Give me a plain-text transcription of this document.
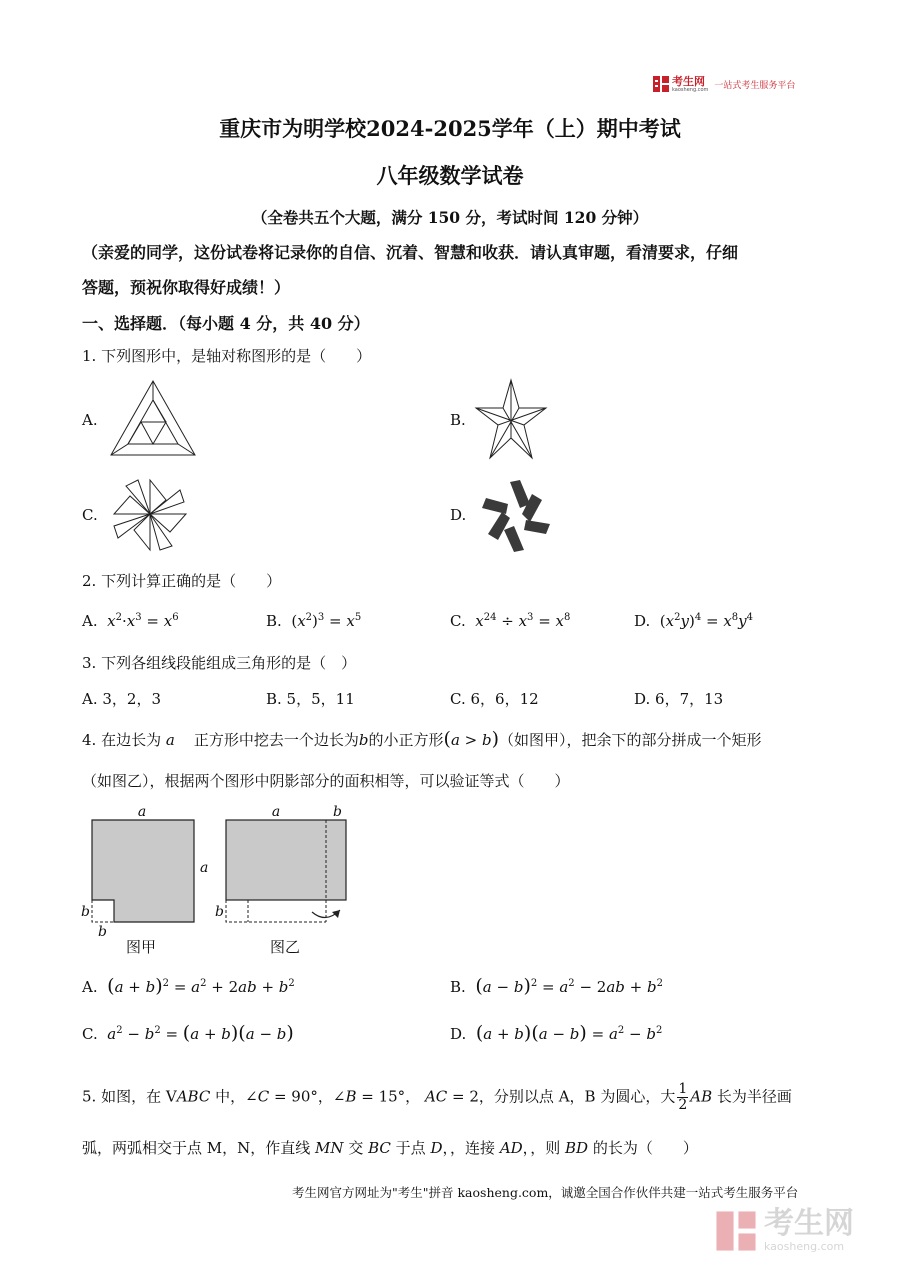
考生网
kaosheng.com 一站式考生服务平台
重庆市为明学校2024-2025学年（上）期中考试
八年级数学试卷
（全卷共五个大题，满分 150 分，考试时间 120 分钟）
（亲爱的同学，这份试卷将记录你的自信、沉着、智慧和收获．请认真审题，看清要求，仔细
答题，预祝你取得好成绩！）
一、选择题．（每小题 4 分，共 40 分）
1. 下列图形中，是轴对称图形的是（　　）
A.	B.
C.	D.
2. 下列计算正确的是（　　）
A. $x^2\cdot x^3 = x^6$	B.  $(x^2)^3 = x^5$	C. $x^{24} \div x^3 = x^8$	D.  $(x^2y)^4 = x^8y^4$
3. 下列各组线段能组成三角形的是（　）
A. 3，2，3	B. 5，5，11	C. 6，6，12	D. 6，7，13
4. 在边长为 a    正方形中挖去一个边长为b的小正方形(a > b)（如图甲），把余下的部分拼成一个矩形
（如图乙），根据两个图形中阴影部分的面积相等，可以验证等式（　　）
a
a
b
b
a	b
b
图甲	图乙
A. $(a + b)^2 = a^2 + 2ab + b^2$	B. $(a - b)^2 = a^2 - 2ab + b^2$
C. $a^2 - b^2 = (a + b)(a - b)$	D. $(a + b)(a - b) = a^2 - b^2$
5. 如图，在 VABC 中，∠C = 90°，∠B = 15°， AC = 2，分别以点 A，B 为圆心，大 $\frac{1}{2}$ AB 长为半径画
弧，两弧相交于点 M，N，作直线 MN 交 BC 于点 D，，连接 AD，，则 BD 的长为（　　）
考生网官方网址为"考生"拼音 kaosheng.com，诚邀全国合作伙伴共建一站式考生服务平台
考生网
kaosheng.com
